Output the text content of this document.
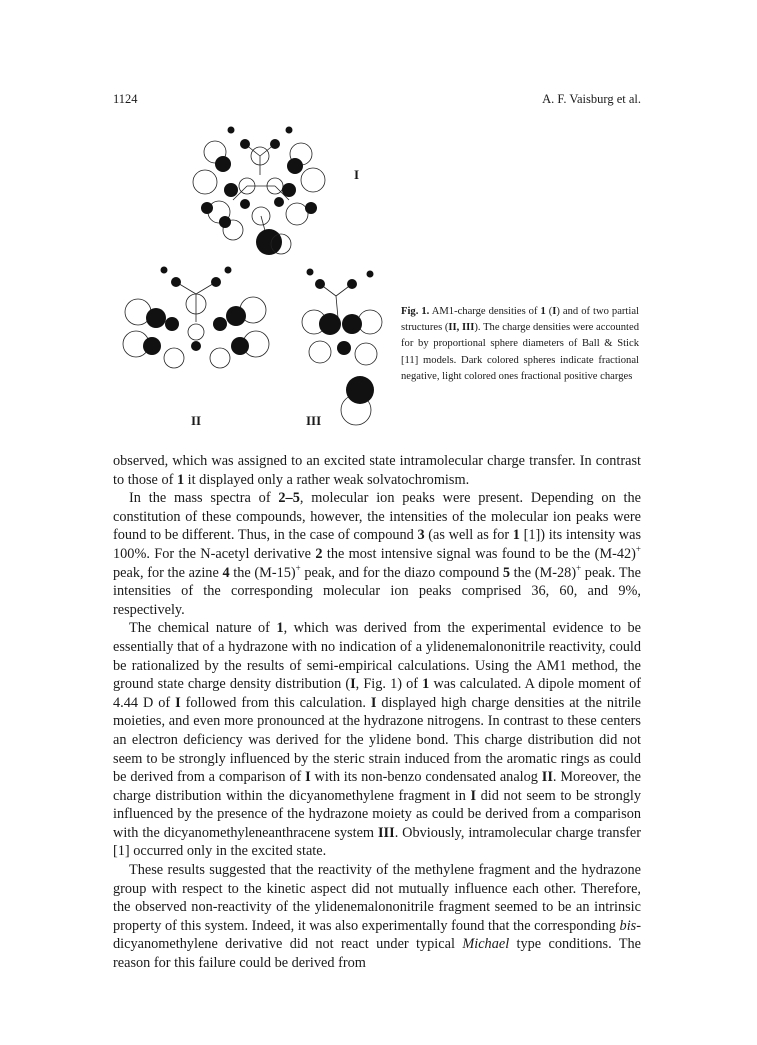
1124	A. F. Vaisburg et al.
I
II	III
Fig. 1. AM1-charge densities of 1 (I) and of two partial structures (II, III). The charge densities were accounted for by proportional sphere diameters of Ball & Stick [11] models. Dark colored spheres indicate fractional negative, light colored ones fractional positive charges

observed, which was assigned to an excited state intramolecular charge transfer. In contrast to those of 1 it displayed only a rather weak solvatochromism.

In the mass spectra of 2–5, molecular ion peaks were present. Depending on the constitution of these compounds, however, the intensities of the molecular ion peaks were found to be different. Thus, in the case of compound 3 (as well as for 1 [1]) its intensity was 100%. For the N-acetyl derivative 2 the most intensive signal was found to be the (M-42)+ peak, for the azine 4 the (M-15)+ peak, and for the diazo compound 5 the (M-28)+ peak. The intensities of the corresponding molecular ion peaks comprised 36, 60, and 9%, respectively.

The chemical nature of 1, which was derived from the experimental evidence to be essentially that of a hydrazone with no indication of a ylidenemalononitrile reactivity, could be rationalized by the results of semi-empirical calculations. Using the AM1 method, the ground state charge density distribution (I, Fig. 1) of 1 was calculated. A dipole moment of 4.44 D of I followed from this calculation. I displayed high charge densities at the nitrile moieties, and even more pronounced at the hydrazone nitrogens. In contrast to these centers an electron deficiency was derived for the ylidene bond. This charge distribution did not seem to be strongly influenced by the steric strain induced from the aromatic rings as could be derived from a comparison of I with its non-benzo condensated analog II. Moreover, the charge distribution within the dicyanomethylene fragment in I did not seem to be strongly influenced by the presence of the hydrazone moiety as could be derived from a comparison with the dicyanomethyleneanthracene system III. Obviously, intramolecular charge transfer [1] occurred only in the excited state.

These results suggested that the reactivity of the methylene fragment and the hydrazone group with respect to the kinetic aspect did not mutually influence each other. Therefore, the observed non-reactivity of the ylidenemalononitrile fragment seemed to be an intrinsic property of this system. Indeed, it was also experimentally found that the corresponding bis-dicyanomethylene derivative did not react under typical Michael type conditions. The reason for this failure could be derived from
